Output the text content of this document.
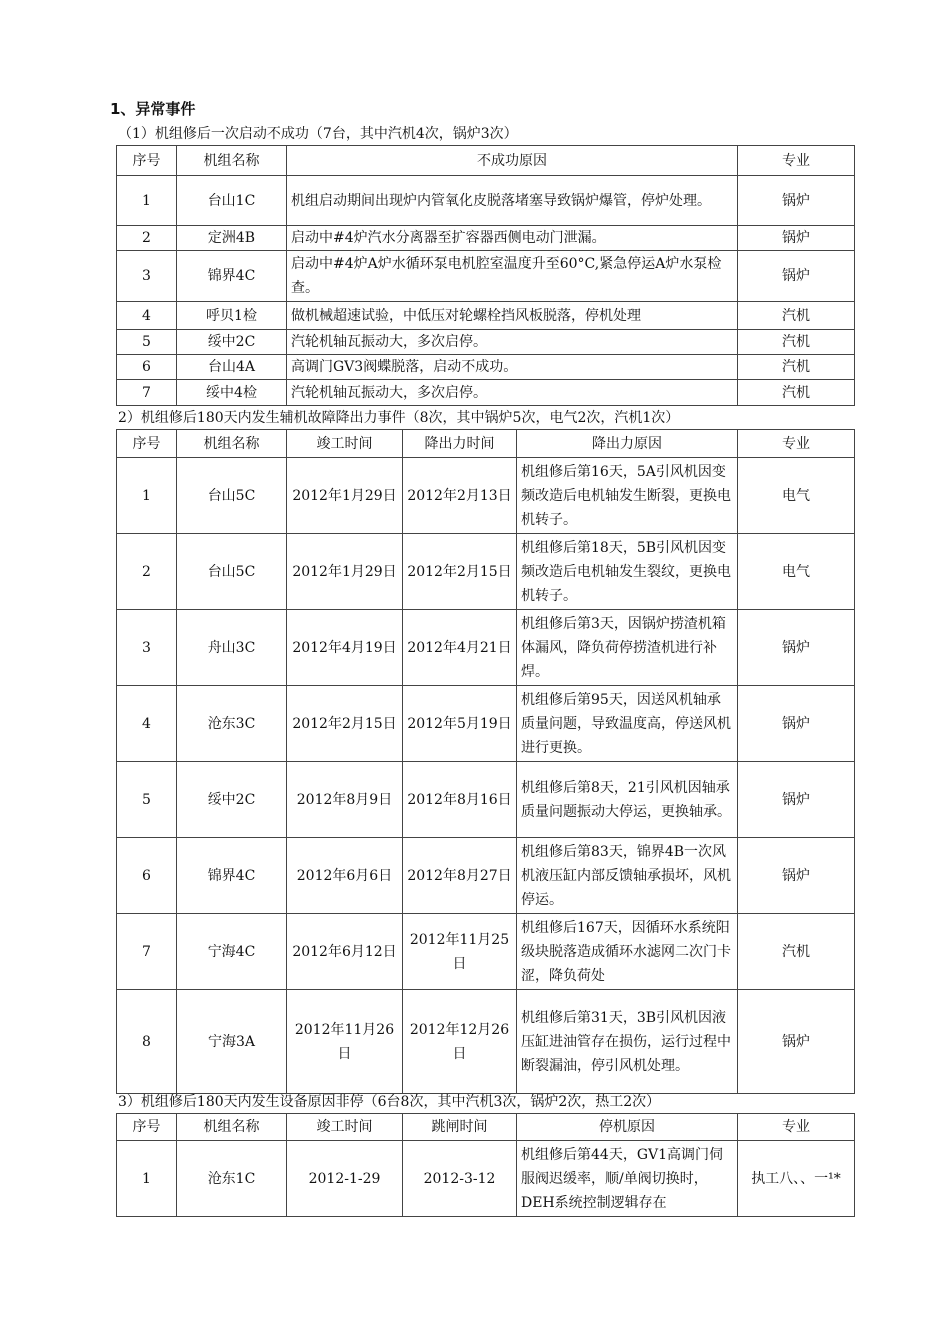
1、异常事件
（1）机组修后一次启动不成功（7台，其中汽机4次，锅炉3次）
序号	机组名称	不成功原因	专业
1	台山1C	机组启动期间出现炉内管氧化皮脱落堵塞导致锅炉爆管，停炉处理。	锅炉
2	定洲4B	启动中#4炉汽水分离器至扩容器西侧电动门泄漏。	锅炉
3	锦界4C	启动中#4炉A炉水循环泵电机腔室温度升至60°C,紧急停运A炉水泵检查。	锅炉
4	呼贝1检	做机械超速试验，中低压对轮螺栓挡风板脱落，停机处理	汽机
5	绥中2C	汽轮机轴瓦振动大，多次启停。	汽机
6	台山4A	高调门GV3阀蝶脱落，启动不成功。	汽机
7	绥中4检	汽轮机轴瓦振动大，多次启停。	汽机
2）机组修后180天内发生辅机故障降出力事件（8次，其中锅炉5次，电气2次，汽机1次）
序号	机组名称	竣工时间	降出力时间	降出力原因	专业
1	台山5C	2012年1月29日	2012年2月13日	机组修后第16天，5A引风机因变频改造后电机轴发生断裂，更换电机转子。	电气
2	台山5C	2012年1月29日	2012年2月15日	机组修后第18天，5B引风机因变频改造后电机轴发生裂纹，更换电机转子。	电气
3	舟山3C	2012年4月19日	2012年4月21日	机组修后第3天，因锅炉捞渣机箱体漏风，降负荷停捞渣机进行补焊。	锅炉
4	沧东3C	2012年2月15日	2012年5月19日	机组修后第95天，因送风机轴承质量问题，导致温度高，停送风机进行更换。	锅炉
5	绥中2C	2012年8月9日	2012年8月16日	机组修后第8天，21引风机因轴承质量问题振动大停运，更换轴承。	锅炉
6	锦界4C	2012年6月6日	2012年8月27日	机组修后第83天，锦界4B一次风机液压缸内部反馈轴承损坏，风机停运。	锅炉
7	宁海4C	2012年6月12日	2012年11月25日	机组修后167天，因循环水系统阳级块脱落造成循环水滤网二次门卡涩，降负荷处	汽机
8	宁海3A	2012年11月26日	2012年12月26日	机组修后第31天，3B引风机因液压缸进油管存在损伤，运行过程中断裂漏油，停引风机处理。	锅炉
3）机组修后180天内发生设备原因非停（6台8次，其中汽机3次，锅炉2次，热工2次）
序号	机组名称	竣工时间	跳闸时间	停机原因	专业
1	沧东1C	2012-1-29	2012-3-12	机组修后第44天，GV1高调门伺服阀迟缓率，顺/单阀切换时，DEH系统控制逻辑存在	执工八、、一¹*
